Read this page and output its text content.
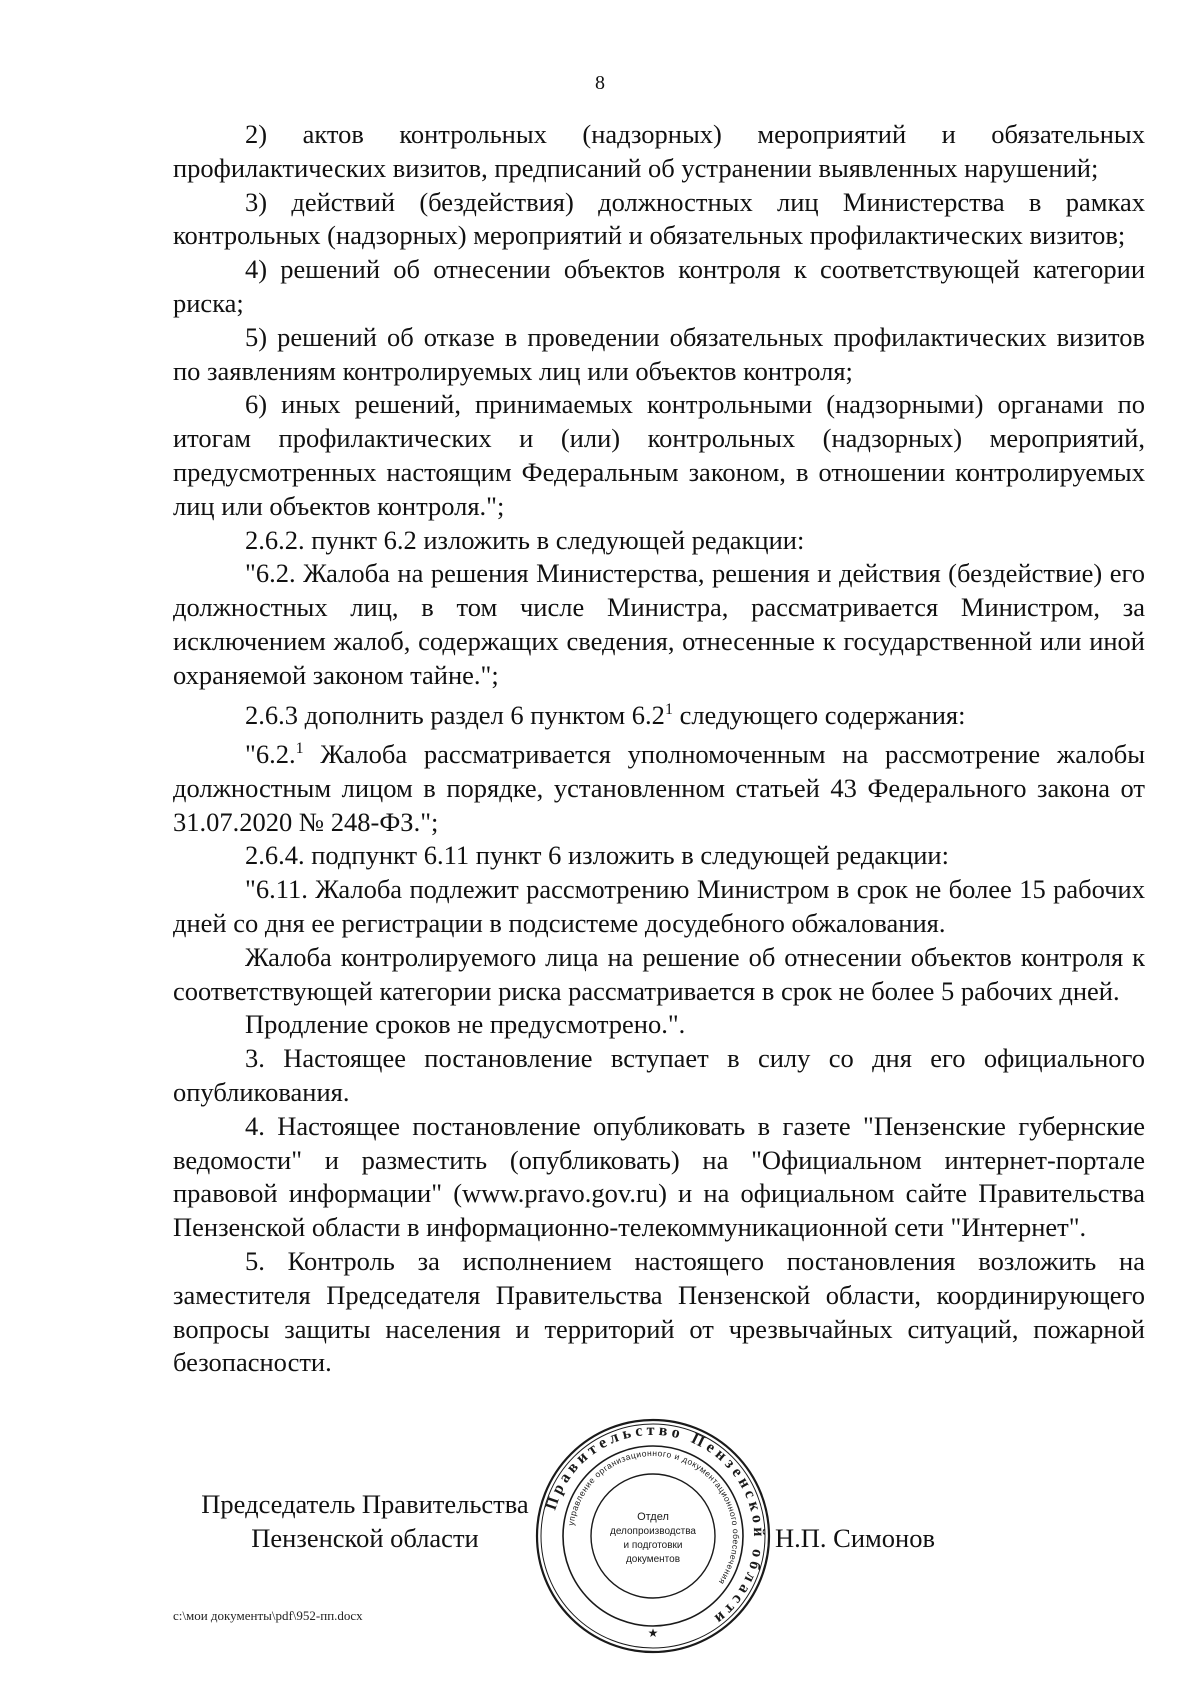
8

2) актов контрольных (надзорных) мероприятий и обязательных профилактических визитов, предписаний об устранении выявленных нарушений;

3) действий (бездействия) должностных лиц Министерства в рамках контрольных (надзорных) мероприятий и обязательных профилактических визитов;

4) решений об отнесении объектов контроля к соответствующей категории риска;

5) решений об отказе в проведении обязательных профилактических визитов по заявлениям контролируемых лиц или объектов контроля;

6) иных решений, принимаемых контрольными (надзорными) органами по итогам профилактических и (или) контрольных (надзорных) мероприятий, предусмотренных настоящим Федеральным законом, в отношении контролируемых лиц или объектов контроля.";

2.6.2. пункт 6.2 изложить в следующей редакции:

"6.2. Жалоба на решения Министерства, решения и действия (бездействие) его должностных лиц, в том числе Министра, рассматривается Министром, за исключением жалоб, содержащих сведения, отнесенные к государственной или иной охраняемой законом тайне.";

2.6.3 дополнить раздел 6 пунктом $6.2^1$ следующего содержания:

"6.2.$^1$ Жалоба рассматривается уполномоченным на рассмотрение жалобы должностным лицом в порядке, установленном статьей 43 Федерального закона от 31.07.2020 № 248-ФЗ.";

2.6.4. подпункт 6.11 пункт 6 изложить в следующей редакции:

"6.11. Жалоба подлежит рассмотрению Министром в срок не более 15 рабочих дней со дня ее регистрации в подсистеме досудебного обжалования.

Жалоба контролируемого лица на решение об отнесении объектов контроля к соответствующей категории риска рассматривается в срок не более 5 рабочих дней.

Продление сроков не предусмотрено.".

3. Настоящее постановление вступает в силу со дня его официального опубликования.

4. Настоящее постановление опубликовать в газете "Пензенские губернские ведомости" и разместить (опубликовать) на "Официальном интернет-портале правовой информации" (www.pravo.gov.ru) и на официальном сайте Правительства Пензенской области в информационно-телекоммуникационной сети "Интернет".

5. Контроль за исполнением настоящего постановления возложить на заместителя Председателя Правительства Пензенской области, координирующего вопросы защиты населения и территорий от чрезвычайных ситуаций, пожарной безопасности.

Председатель Правительства
Пензенской области
Правительство Пензенской области
управление организационного и документационного обеспечения
Отдел
делопроизводства
и подготовки
документов
★
Н.П. Симонов
c:\мои документы\pdf\952-пп.docx
